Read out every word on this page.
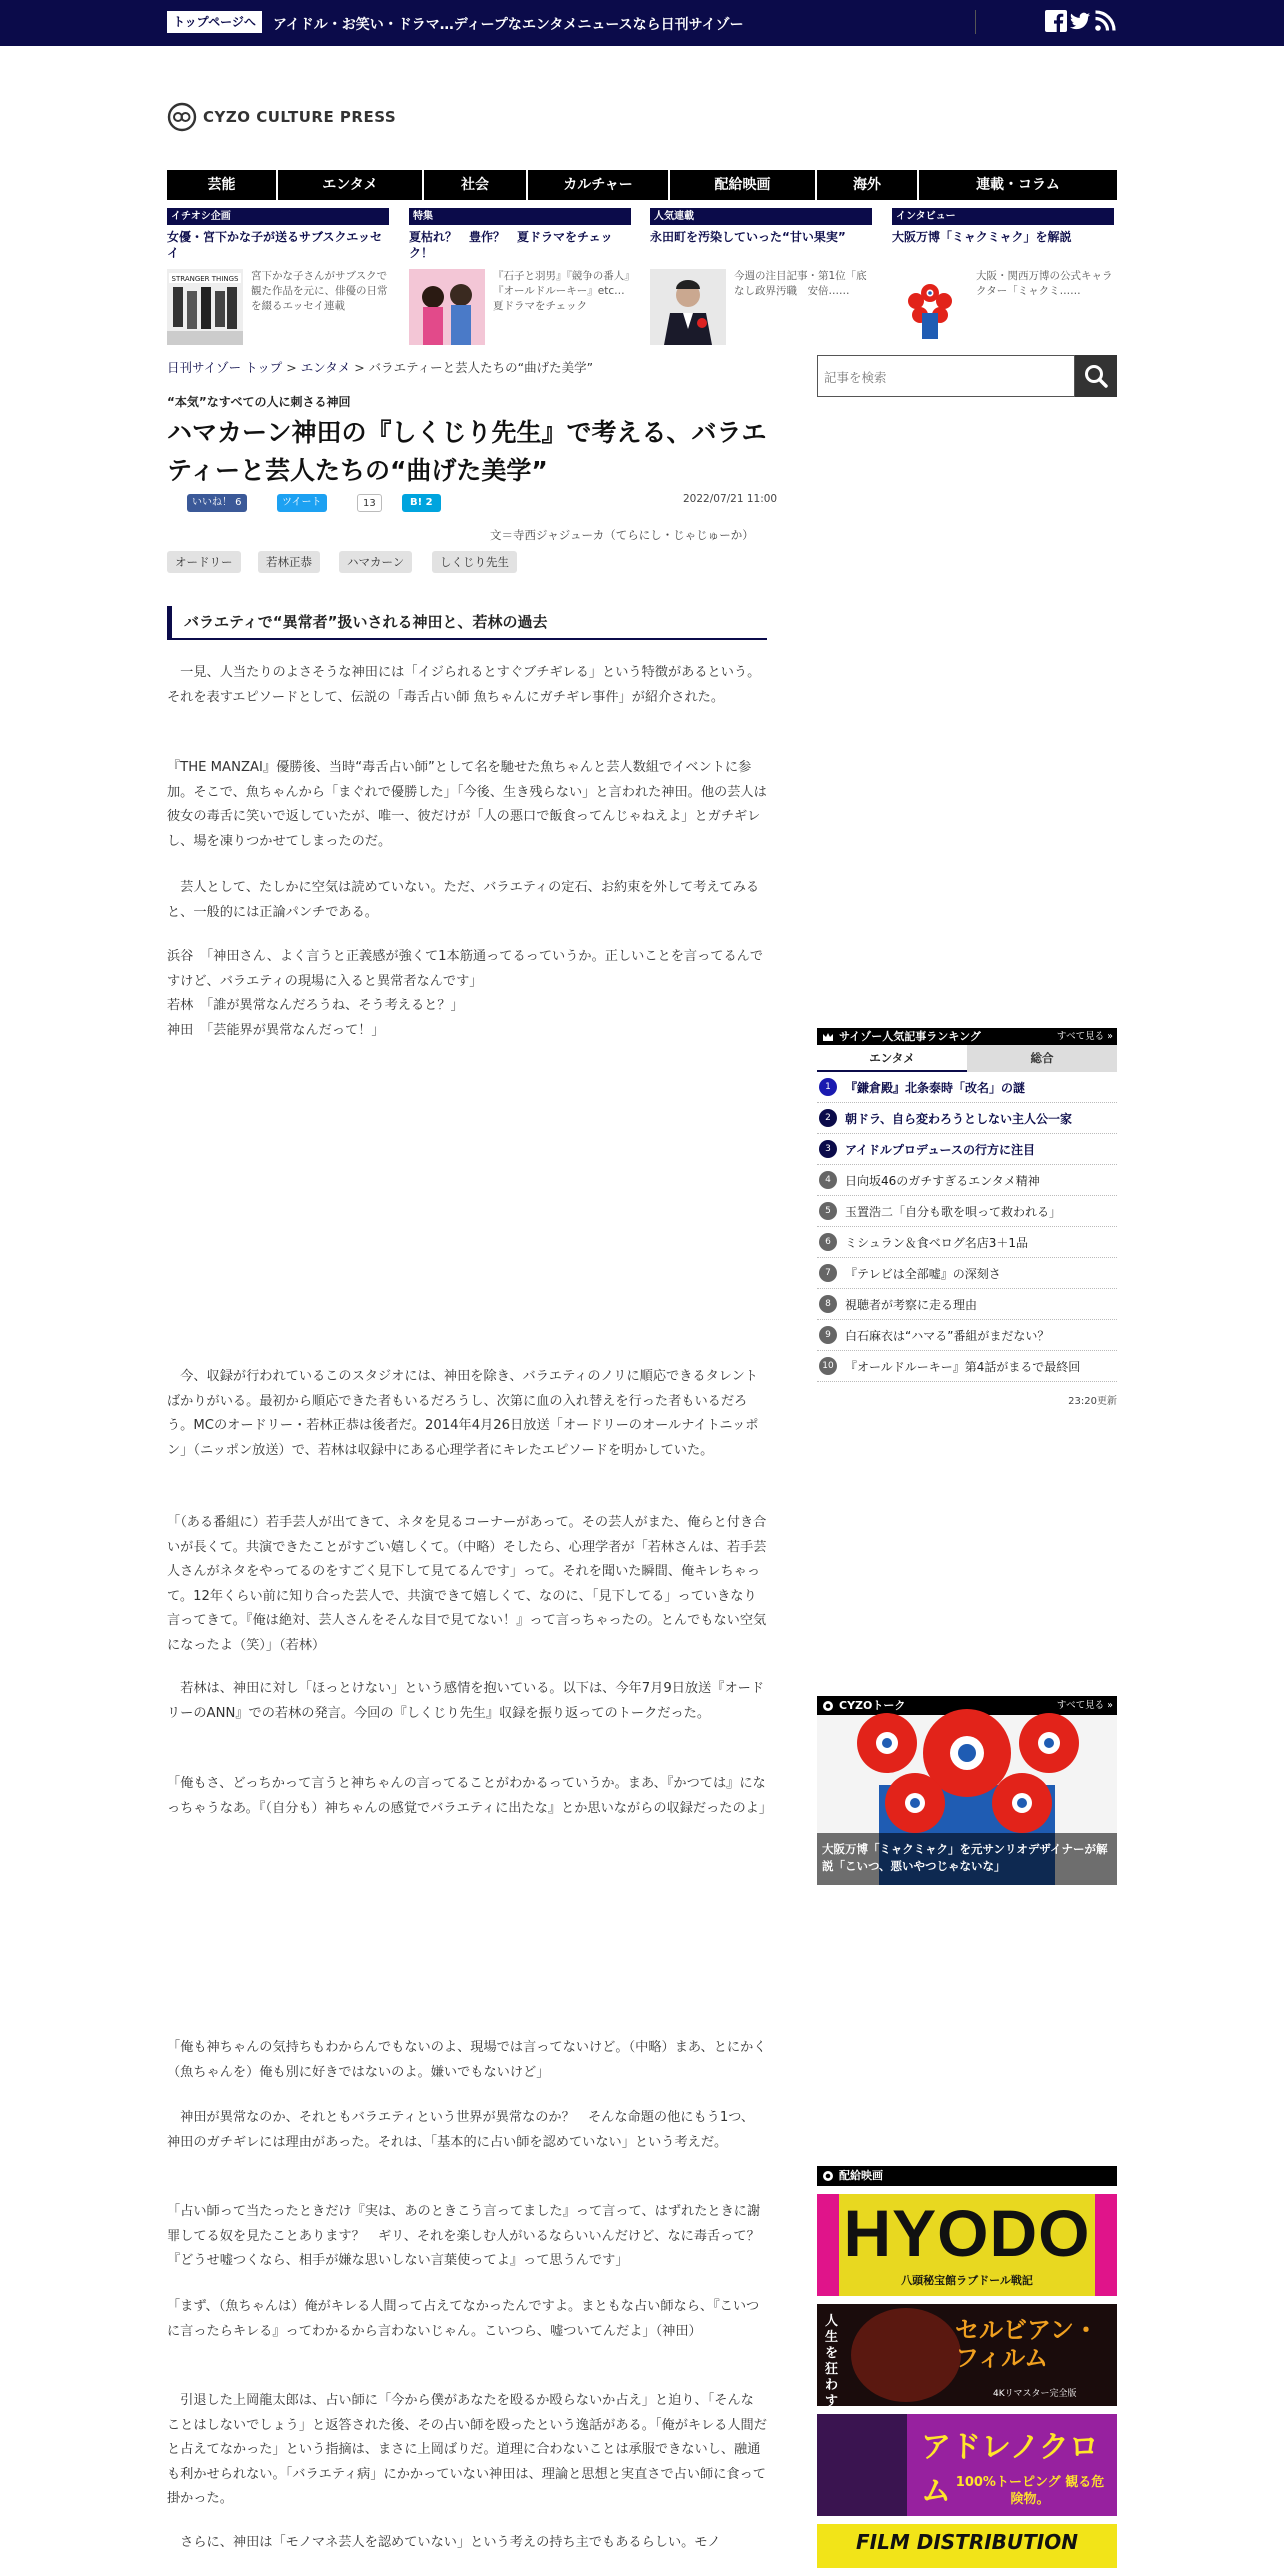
トップページへ	アイドル・お笑い・ドラマ…ディープなエンタメニュースなら日刊サイゾー
CYZO CULTURE PRESS
芸能	エンタメ	社会	カルチャー	配給映画	海外	連載・コラム
イチオシ企画
女優・宮下かな子が送るサブスクエッセイ
STRANGER THINGS 宮下かな子さんがサブスクで観た作品を元に、俳優の日常を綴るエッセイ連載
特集
夏枯れ？　豊作？　夏ドラマをチェック！
『石子と羽男』『競争の番人』『オールドルーキー』etc…夏ドラマをチェック
人気連載
永田町を汚染していった“甘い果実”
今週の注目記事・第1位「底なし政界汚職　安倍……
インタビュー
大阪万博「ミャクミャク」を解説
大阪・関西万博の公式キャラクター「ミャクミ……
日刊サイゾー トップ > エンタメ > バラエティーと芸人たちの“曲げた美学”
記事を検索
“本気”なすべての人に刺さる神回
ハマカーン神田の『しくじり先生』で考える、バラエティーと芸人たちの“曲げた美学”
いいね！ 6	ツイート	13	B! 2	2022/07/21 11:00
文＝寺西ジャジューカ（てらにし・じゃじゅーか）
オードリー	若林正恭	ハマカーン	しくじり先生
バラエティで“異常者”扱いされる神田と、若林の過去

　一見、人当たりのよさそうな神田には「イジられるとすぐブチギレる」という特徴があるという。それを表すエピソードとして、伝説の「毒舌占い師 魚ちゃんにガチギレ事件」が紹介された。

『THE MANZAI』優勝後、当時“毒舌占い師”として名を馳せた魚ちゃんと芸人数組でイベントに参加。そこで、魚ちゃんから「まぐれで優勝した」「今後、生き残らない」と言われた神田。他の芸人は彼女の毒舌に笑いで返していたが、唯一、彼だけが「人の悪口で飯食ってんじゃねえよ」とガチギレし、場を凍りつかせてしまったのだ。

　芸人として、たしかに空気は読めていない。ただ、バラエティの定石、お約束を外して考えてみると、一般的には正論パンチである。

浜谷　「神田さん、よく言うと正義感が強くて1本筋通ってるっていうか。正しいことを言ってるんですけど、バラエティの現場に入ると異常者なんです」

若林　「誰が異常なんだろうね、そう考えると？」

神田　「芸能界が異常なんだって！」

　今、収録が行われているこのスタジオには、神田を除き、バラエティのノリに順応できるタレントばかりがいる。最初から順応できた者もいるだろうし、次第に血の入れ替えを行った者もいるだろう。MCのオードリー・若林正恭は後者だ。2014年4月26日放送「オードリーのオールナイトニッポン」（ニッポン放送）で、若林は収録中にある心理学者にキレたエピソードを明かしていた。

「（ある番組に）若手芸人が出てきて、ネタを見るコーナーがあって。その芸人がまた、俺らと付き合いが長くて。共演できたことがすごい嬉しくて。（中略）そしたら、心理学者が「若林さんは、若手芸人さんがネタをやってるのをすごく見下して見てるんです」って。それを聞いた瞬間、俺キレちゃって。12年くらい前に知り合った芸人で、共演できて嬉しくて、なのに、「見下してる」っていきなり言ってきて。『俺は絶対、芸人さんをそんな目で見てない！』って言っちゃったの。とんでもない空気になったよ（笑）」（若林）

　若林は、神田に対し「ほっとけない」という感情を抱いている。以下は、今年7月9日放送『オードリーのANN』での若林の発言。今回の『しくじり先生』収録を振り返ってのトークだった。

「俺もさ、どっちかって言うと神ちゃんの言ってることがわかるっていうか。まあ、『かつては』になっちゃうなあ。『（自分も）神ちゃんの感覚でバラエティに出たな』とか思いながらの収録だったのよ」

「俺も神ちゃんの気持ちもわからんでもないのよ、現場では言ってないけど。（中略）まあ、とにかく（魚ちゃんを）俺も別に好きではないのよ。嫌いでもないけど」

　神田が異常なのか、それともバラエティという世界が異常なのか？　そんな命題の他にもう1つ、神田のガチギレには理由があった。それは、「基本的に占い師を認めていない」という考えだ。

「占い師って当たったときだけ『実は、あのときこう言ってました』って言って、はずれたときに謝罪してる奴を見たことあります？　ギリ、それを楽しむ人がいるならいいんだけど、なに毒舌って？　『どうせ嘘つくなら、相手が嫌な思いしない言葉使ってよ』って思うんです」

「まず、（魚ちゃんは）俺がキレる人間って占えてなかったんですよ。まともな占い師なら、『こいつに言ったらキレる』ってわかるから言わないじゃん。こいつら、嘘ついてんだよ」（神田）

　引退した上岡龍太郎は、占い師に「今から僕があなたを殴るか殴らないか占え」と迫り、「そんなことはしないでしょう」と返答された後、その占い師を殴ったという逸話がある。「俺がキレる人間だと占えてなかった」という指摘は、まさに上岡ばりだ。道理に合わないことは承服できないし、融通も利かせられない。「バラエティ病」にかかっていない神田は、理論と思想と実直さで占い師に食って掛かった。

　さらに、神田は「モノマネ芸人を認めていない」という考えの持ち主でもあるらしい。モノ

サイゾー人気記事ランキング	すべて見る »
エンタメ	総合
1	『鎌倉殿』北条泰時「改名」の謎
2	朝ドラ、自ら変わろうとしない主人公一家
3	アイドルプロデュースの行方に注目
4	日向坂46のガチすぎるエンタメ精神
5	玉置浩二「自分も歌を唄って救われる」
6	ミシュラン＆食べログ名店3＋1品
7	『テレビは全部嘘』の深刻さ
8	視聴者が考察に走る理由
9	白石麻衣は“ハマる”番組がまだない？
10 『オールドルーキー』第4話がまるで最終回
23:20更新
CYZOトーク	すべて見る »
大阪万博「ミャクミャク」を元サンリオデザイナーが解説「こいつ、悪いやつじゃないな」
配給映画
HYODO
八頭秘宝館ラブドール戦記
人生を狂わす
セルビアン・フィルム
4Kリマスター完全版
アドレノクロム 100%トーピング 観る危険物。
FILM DISTRIBUTION
